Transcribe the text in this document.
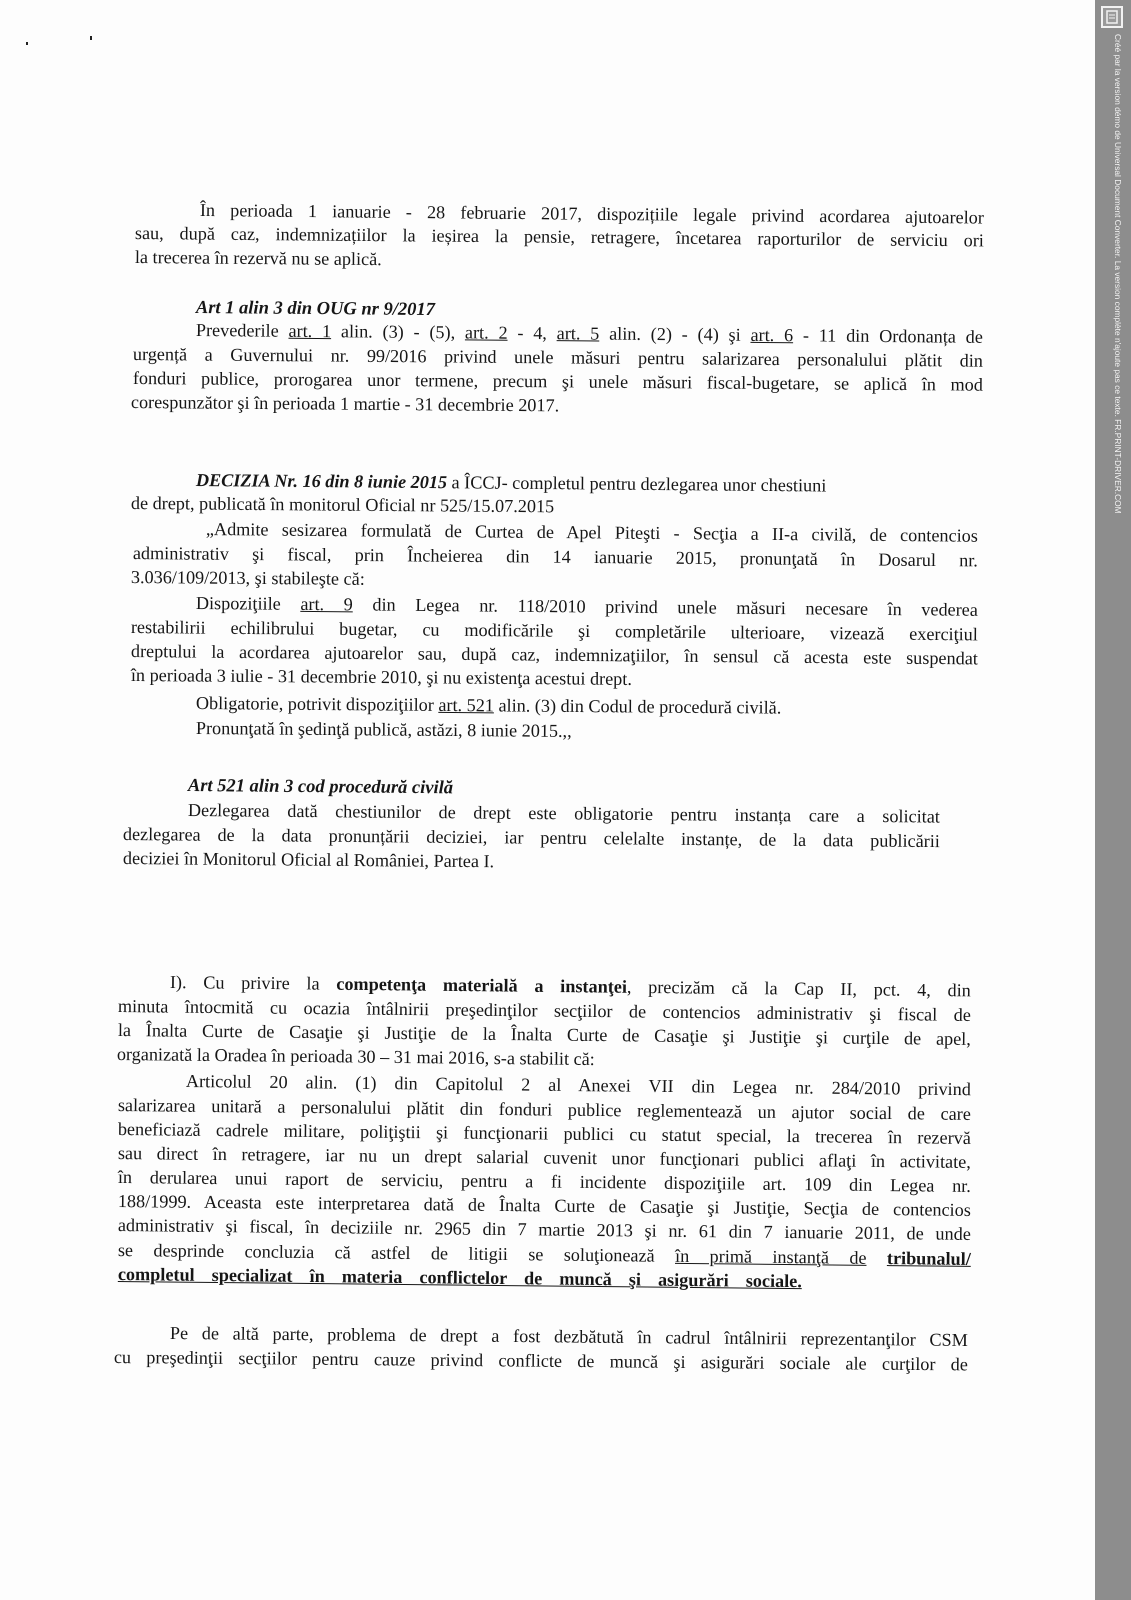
În perioada 1 ianuarie - 28 februarie 2017, dispozițiile legale privind acordarea ajutoarelor
sau, după caz, indemnizațiilor la ieșirea la pensie, retragere, încetarea raporturilor de serviciu ori
la trecerea în rezervă nu se aplică.
Art 1 alin 3 din OUG nr 9/2017
Prevederile art. 1 alin. (3) - (5), art. 2 - 4, art. 5 alin. (2) - (4) şi art. 6 - 11 din Ordonanța de
urgență a Guvernului nr. 99/2016 privind unele măsuri pentru salarizarea personalului plătit din
fonduri publice, prorogarea unor termene, precum şi unele măsuri fiscal-bugetare, se aplică în mod
corespunzător şi în perioada 1 martie - 31 decembrie 2017.
DECIZIA Nr. 16 din 8 iunie 2015 a ÎCCJ- completul pentru dezlegarea unor chestiuni
de drept, publicată în monitorul Oficial nr 525/15.07.2015
„Admite sesizarea formulată de Curtea de Apel Piteşti - Secţia a II-a civilă, de contencios
administrativ şi fiscal, prin Încheierea din 14 ianuarie 2015, pronunţată în Dosarul nr.
3.036/109/2013, şi stabileşte că:
Dispoziţiile art. 9 din Legea nr. 118/2010 privind unele măsuri necesare în vederea
restabilirii echilibrului bugetar, cu modificările şi completările ulterioare, vizează exerciţiul
dreptului la acordarea ajutoarelor sau, după caz, indemnizaţiilor, în sensul că acesta este suspendat
în perioada 3 iulie - 31 decembrie 2010, şi nu existenţa acestui drept.
Obligatorie, potrivit dispoziţiilor art. 521 alin. (3) din Codul de procedură civilă.
Pronunţată în şedinţă publică, astăzi, 8 iunie 2015.,,
Art 521 alin 3 cod procedură civilă
Dezlegarea dată chestiunilor de drept este obligatorie pentru instanța care a solicitat
dezlegarea de la data pronunțării deciziei, iar pentru celelalte instanțe, de la data publicării
deciziei în Monitorul Oficial al României, Partea I.
I). Cu privire la competenţa materială a instanţei, precizăm că la Cap II, pct. 4, din
minuta întocmită cu ocazia întâlnirii preşedinţilor secţiilor de contencios administrativ şi fiscal de
la Înalta Curte de Casaţie şi Justiţie de la Înalta Curte de Casaţie şi Justiţie şi curţile de apel,
organizată la Oradea în perioada 30 – 31 mai 2016, s-a stabilit că:
Articolul 20 alin. (1) din Capitolul 2 al Anexei VII din Legea nr. 284/2010 privind
salarizarea unitară a personalului plătit din fonduri publice reglementează un ajutor social de care
beneficiază cadrele militare, poliţiştii şi funcţionarii publici cu statut special, la trecerea în rezervă
sau direct în retragere, iar nu un drept salarial cuvenit unor funcţionari publici aflaţi în activitate,
în derularea unui raport de serviciu, pentru a fi incidente dispoziţiile art. 109 din Legea nr.
188/1999. Aceasta este interpretarea dată de Înalta Curte de Casaţie şi Justiţie, Secţia de contencios
administrativ şi fiscal, în deciziile nr. 2965 din 7 martie 2013 şi nr. 61 din 7 ianuarie 2011, de unde
se desprinde concluzia că astfel de litigii se soluţionează în primă instanţă de tribunalul/
completul specializat în materia conflictelor de muncă şi asigurări sociale.
Pe de altă parte, problema de drept a fost dezbătută în cadrul întâlnirii reprezentanţilor CSM
cu preşedinţii secţiilor pentru cauze privind conflicte de muncă şi asigurări sociale ale curţilor de
Créé par la version démo de Universal Document Converter. La version complète n'ajoute pas ce texte. FR.PRINT-DRIVER.COM
